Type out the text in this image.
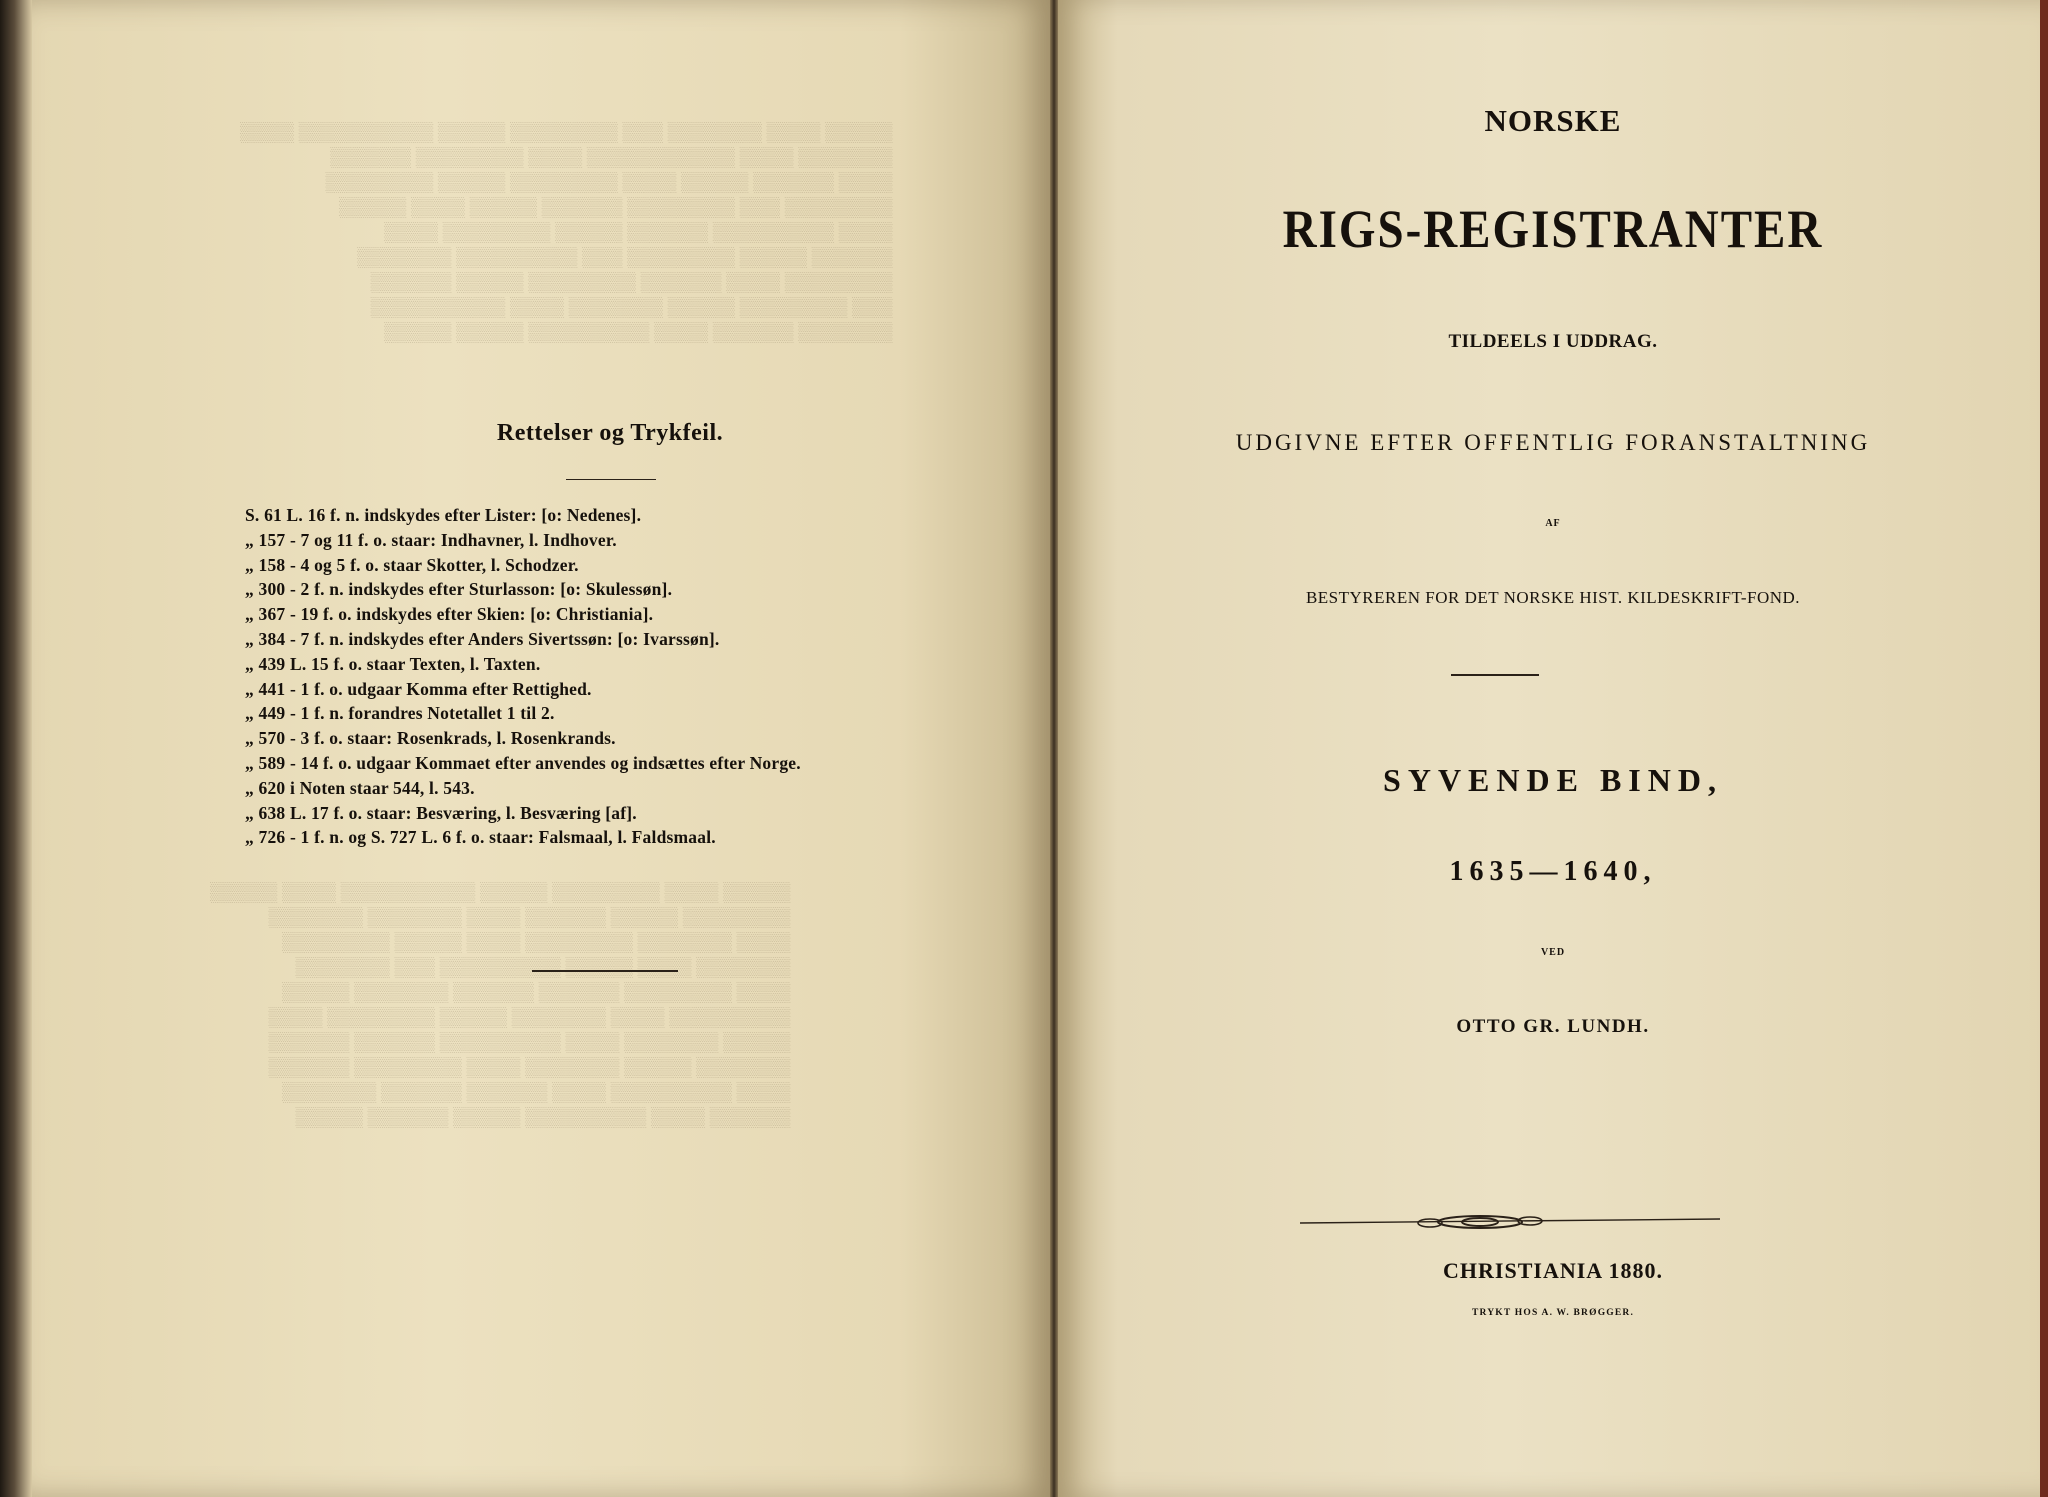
Rettelser og Trykfeil.
S. 61 L. 16 f. n. indskydes efter Lister: [o: Nedenes].
„ 157 - 7 og 11 f. o. staar: Indhavner, l. Indhover.
„ 158 - 4 og 5 f. o. staar Skotter, l. Schodzer.
„ 300 - 2 f. n. indskydes efter Sturlasson: [o: Skulessøn].
„ 367 - 19 f. o. indskydes efter Skien: [o: Christiania].
„ 384 - 7 f. n. indskydes efter Anders Sivertssøn: [o: Ivarssøn].
„ 439 L. 15 f. o. staar Texten, l. Taxten.
„ 441 - 1 f. o. udgaar Komma efter Rettighed.
„ 449 - 1 f. n. forandres Notetallet 1 til 2.
„ 570 - 3 f. o. staar: Rosenkrads, l. Rosenkrands.
„ 589 - 14 f. o. udgaar Kommaet efter anvendes og indsættes efter Norge.
„ 620 i Noten staar 544, l. 543.
„ 638 L. 17 f. o. staar: Besværing, l. Besværing [af].
„ 726 - 1 f. n. og S. 727 L. 6 f. o. staar: Falsmaal, l. Faldsmaal.
NORSKE
RIGS-REGISTRANTER
TILDEELS I UDDRAG.
UDGIVNE EFTER OFFENTLIG FORANSTALTNING
AF
BESTYREREN FOR DET NORSKE HIST. KILDESKRIFT-FOND.
SYVENDE BIND,
1635—1640,
VED
OTTO GR. LUNDH.
CHRISTIANIA 1880.
TRYKT HOS A. W. BRØGGER.
